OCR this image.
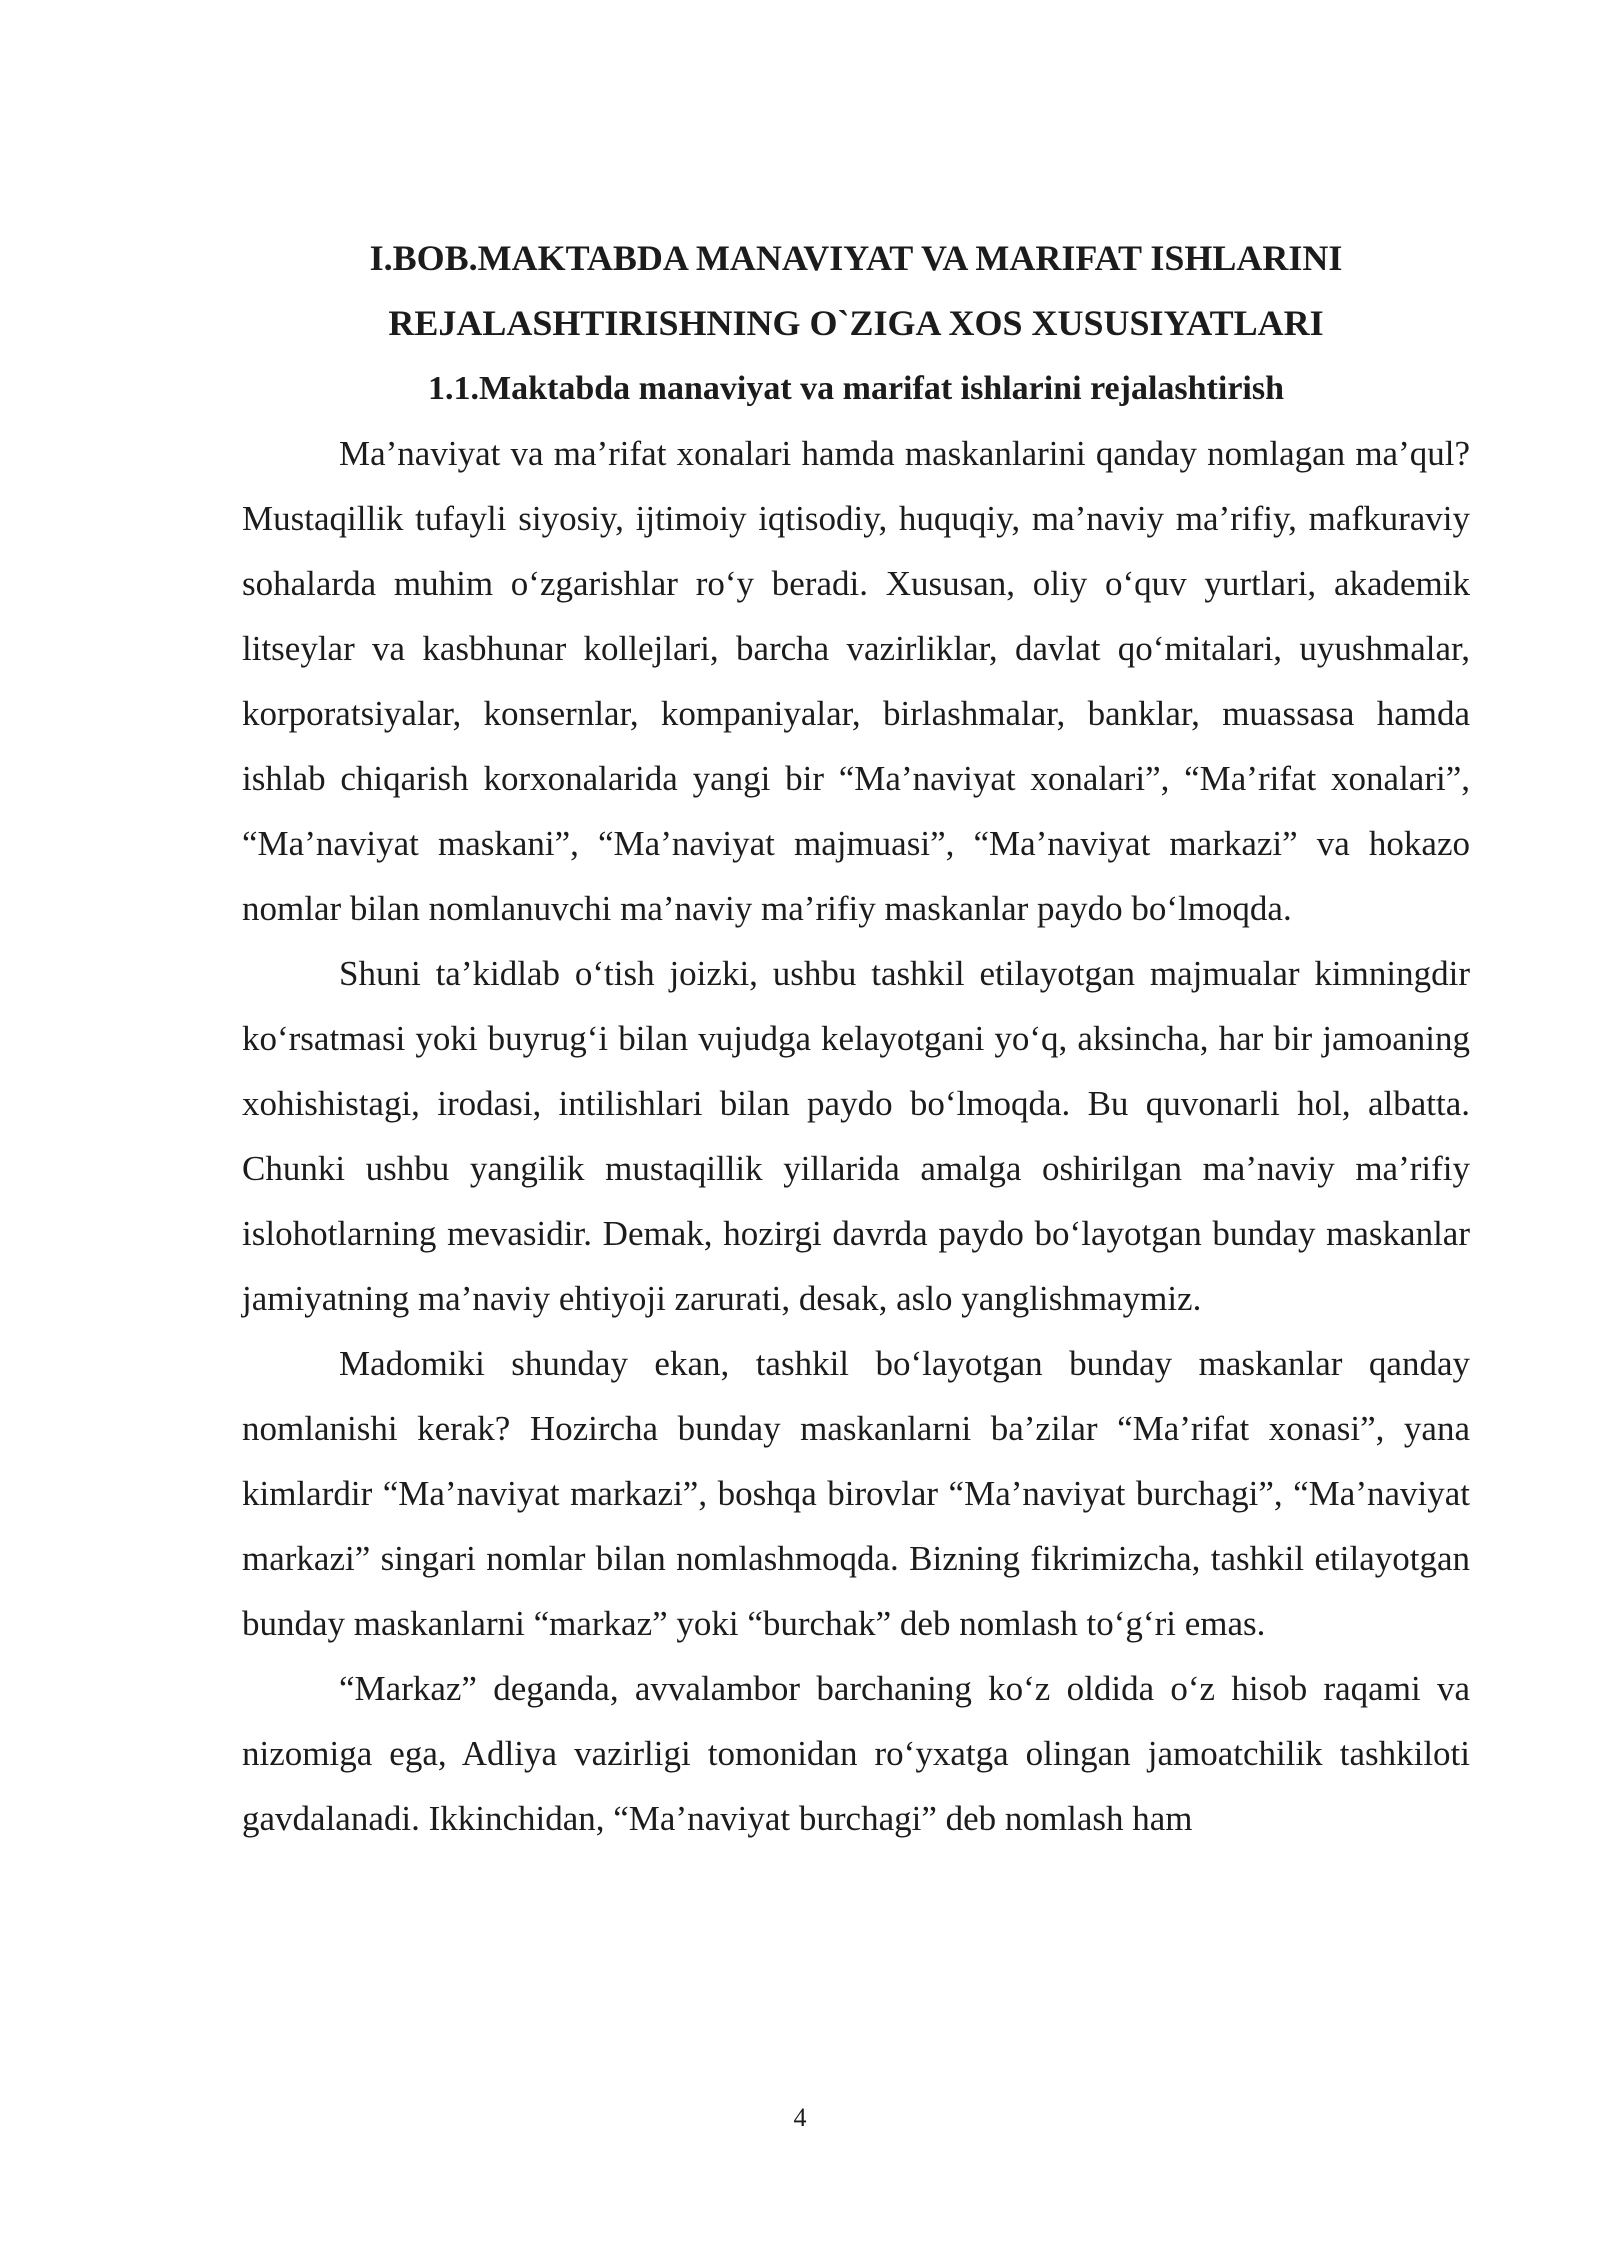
I.BOB.MAKTABDA MANAVIYAT VA MARIFAT ISHLARINI

REJALASHTIRISHNING O`ZIGA XOS XUSUSIYATLARI

1.1.Maktabda manaviyat va marifat ishlarini rejalashtirish

Ma’naviyat va ma’rifat xonalari hamda maskanlarini qanday nomlagan ma’qul? Mustaqillik tufayli siyosiy, ijtimoiy iqtisodiy, huquqiy, ma’naviy ma’rifiy, mafkuraviy sohalarda muhim o‘zgarishlar ro‘y beradi. Xususan, oliy o‘quv yurtlari, akademik litseylar va kasbhunar kollejlari, barcha vazirliklar, davlat qo‘mitalari, uyushmalar, korporatsiyalar, konsernlar, kompaniyalar, birlashmalar, banklar, muassasa hamda ishlab chiqarish korxonalarida yangi bir “Ma’naviyat xonalari”, “Ma’rifat xonalari”, “Ma’naviyat maskani”, “Ma’naviyat majmuasi”, “Ma’naviyat markazi” va hokazo nomlar bilan nomlanuvchi ma’naviy ma’rifiy maskanlar paydo bo‘lmoqda.

Shuni ta’kidlab o‘tish joizki, ushbu tashkil etilayotgan majmualar kimningdir ko‘rsatmasi yoki buyrug‘i bilan vujudga kelayotgani yo‘q, aksincha, har bir jamoaning xohishistagi, irodasi, intilishlari bilan paydo bo‘lmoqda. Bu quvonarli hol, albatta. Chunki ushbu yangilik mustaqillik yillarida amalga oshirilgan ma’naviy ma’rifiy islohotlarning mevasidir. Demak, hozirgi davrda paydo bo‘layotgan bunday maskanlar jamiyatning ma’naviy ehtiyoji zarurati, desak, aslo yanglishmaymiz.

Madomiki shunday ekan, tashkil bo‘layotgan bunday maskanlar qanday nomlanishi kerak? Hozircha bunday maskanlarni ba’zilar “Ma’rifat xonasi”, yana kimlardir “Ma’naviyat markazi”, boshqa birovlar “Ma’naviyat burchagi”, “Ma’naviyat markazi” singari nomlar bilan nomlashmoqda. Bizning fikrimizcha, tashkil etilayotgan bunday maskanlarni “markaz” yoki “burchak” deb nomlash to‘g‘ri emas.

“Markaz” deganda, avvalambor barchaning ko‘z oldida o‘z hisob raqami va nizomiga ega, Adliya vazirligi tomonidan ro‘yxatga olingan jamoatchilik tashkiloti gavdalanadi. Ikkinchidan, “Ma’naviyat burchagi” deb nomlash ham

4
